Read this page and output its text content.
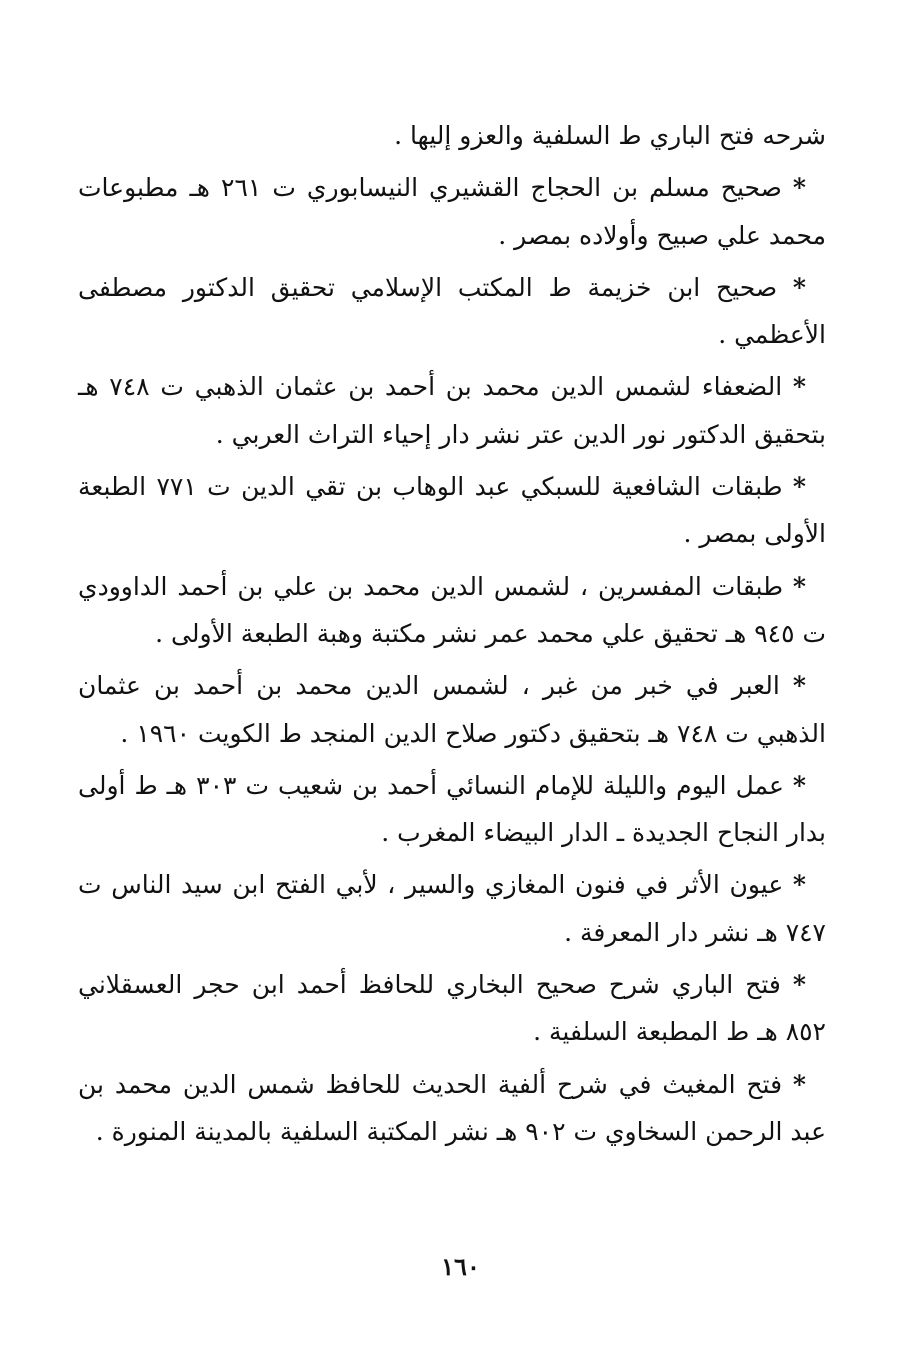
شرحه فتح الباري ط السلفية والعزو إليها .

* صحيح مسلم بن الحجاج القشيري النيسابوري ت ٢٦١ هـ مطبوعات محمد علي صبيح وأولاده بمصر .

* صحيح ابن خزيمة ط المكتب الإسلامي تحقيق الدكتور مصطفى الأعظمي .

* الضعفاء لشمس الدين محمد بن أحمد بن عثمان الذهبي ت ٧٤٨ هـ بتحقيق الدكتور نور الدين عتر نشر دار إحياء التراث العربي .

* طبقات الشافعية للسبكي عبد الوهاب بن تقي الدين ت ٧٧١ الطبعة الأولى بمصر .

* طبقات المفسرين ، لشمس الدين محمد بن علي بن أحمد الداوودي ت ٩٤٥ هـ تحقيق علي محمد عمر نشر مكتبة وهبة الطبعة الأولى .

* العبر في خبر من غبر ، لشمس الدين محمد بن أحمد بن عثمان الذهبي ت ٧٤٨ هـ بتحقيق دكتور صلاح الدين المنجد ط الكويت ١٩٦٠ .

* عمل اليوم والليلة للإمام النسائي أحمد بن شعيب ت ٣٠٣ هـ ط أولى بدار النجاح الجديدة ـ الدار البيضاء المغرب .

* عيون الأثر في فنون المغازي والسير ، لأبي الفتح ابن سيد الناس ت ٧٤٧ هـ نشر دار المعرفة .

* فتح الباري شرح صحيح البخاري للحافظ أحمد ابن حجر العسقلاني ٨٥٢ هـ ط المطبعة السلفية .

* فتح المغيث في شرح ألفية الحديث للحافظ شمس الدين محمد بن عبد الرحمن السخاوي ت ٩٠٢ هـ نشر المكتبة السلفية بالمدينة المنورة .

١٦٠
